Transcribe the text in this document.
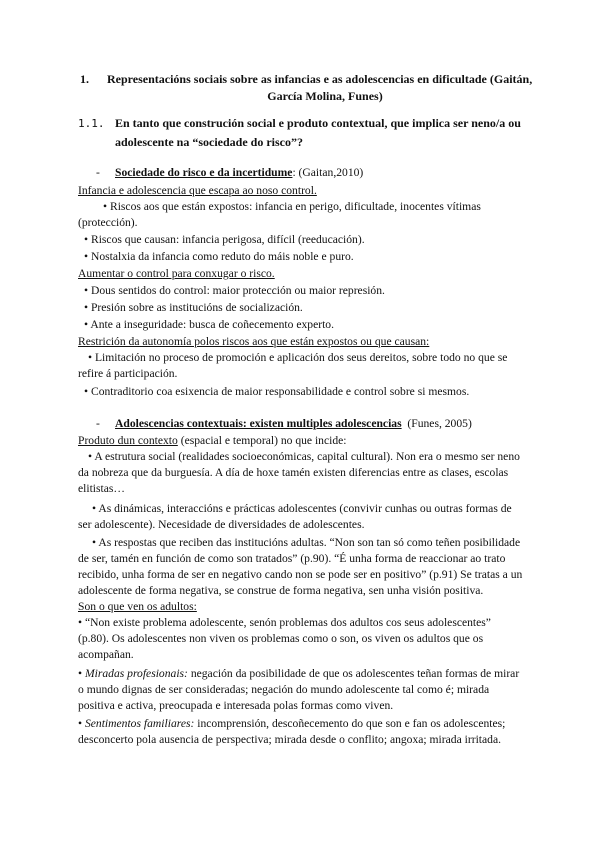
1. Representacións sociais sobre as infancias e as adolescencias en dificultade (Gaitán,
García Molina, Funes)
1.1. En tanto que construción social e produto contextual, que implica ser neno/a ou
adolescente na “sociedade do risco”?
- Sociedade do risco e da incertidume: (Gaitan,2010)
Infancia e adolescencia que escapa ao noso control.
• Riscos aos que están expostos: infancia en perigo, dificultade, inocentes vítimas
(protección).
• Riscos que causan: infancia perigosa, difícil (reeducación).
• Nostalxia da infancia como reduto do máis noble e puro.
Aumentar o control para conxugar o risco.
• Dous sentidos do control: maior protección ou maior represión.
• Presión sobre as institucións de socialización.
• Ante a inseguridade: busca de coñecemento experto.
Restrición da autonomía polos riscos aos que están expostos ou que causan:
• Limitación no proceso de promoción e aplicación dos seus dereitos, sobre todo no que se
refire á participación.
• Contraditorio coa esixencia de maior responsabilidade e control sobre si mesmos.
- Adolescencias contextuais: existen multiples adolescencias (Funes, 2005)
Produto dun contexto (espacial e temporal) no que incide:
• A estrutura social (realidades socioeconómicas, capital cultural). Non era o mesmo ser neno
da nobreza que da burguesía. A día de hoxe tamén existen diferencias entre as clases, escolas
elitistas…
• As dinámicas, interaccións e prácticas adolescentes (convivir cunhas ou outras formas de
ser adolescente). Necesidade de diversidades de adolescentes.
• As respostas que reciben das institucións adultas. “Non son tan só como teñen posibilidade
de ser, tamén en función de como son tratados” (p.90). “É unha forma de reaccionar ao trato
recibido, unha forma de ser en negativo cando non se pode ser en positivo” (p.91) Se tratas a un
adolescente de forma negativa, se construe de forma negativa, sen unha visión positiva.
Son o que ven os adultos:
• “Non existe problema adolescente, senón problemas dos adultos cos seus adolescentes”
(p.80). Os adolescentes non viven os problemas como o son, os viven os adultos que os
acompañan.
• Miradas profesionais: negación da posibilidade de que os adolescentes teñan formas de mirar
o mundo dignas de ser consideradas; negación do mundo adolescente tal como é; mirada
positiva e activa, preocupada e interesada polas formas como viven.
• Sentimentos familiares: incomprensión, descoñecemento do que son e fan os adolescentes;
desconcerto pola ausencia de perspectiva; mirada desde o conflito; angoxa; mirada irritada.
